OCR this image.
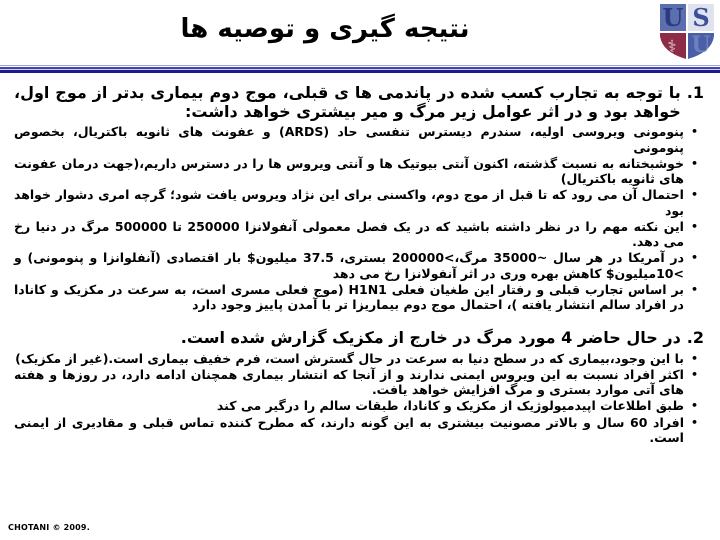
نتیجه گیری و توصیه ها	U S
U
⚕
1.
با توجه به تجارب کسب شده در پاندمی ها ی قبلی، موج دوم بیماری بدتر از موج اول، خواهد بود و در اثر عوامل زیر مرگ و میر بیشتری خواهد داشت:
•
پنومونی ویروسی اولیه، سندرم دیسترس تنفسی حاد (ARDS) و عفونت های ثانویه باکتریال، بخصوص پنومونی
•
خوشبختانه به نسبت گذشته، اکنون آنتی بیوتیک ها و آنتی ویروس ها را در دسترس داریم،(جهت درمان عفونت های ثانویه باکتریال)
•
احتمال آن می رود که تا قبل از موج دوم، واکسنی برای این نژاد ویروس یافت شود؛ گرچه امری دشوار خواهد بود
•
این نکته مهم را در نظر داشته باشید که در یک فصل معمولی آنفولانزا 250000 تا 500000 مرگ در دنیا رخ می دهد.
•
در آمریکا در هر سال ~35000 مرگ،>200000 بستری، 37.5 میلیون$ بار اقتصادی (آنفلوانزا و پنومونی) و >10میلیون$ کاهش بهره وری در اثر آنفولانزا رخ می دهد
•
بر اساس تجارب قبلی و رفتار این طغیان فعلی H1N1 (موج فعلی مسری است، به سرعت در مکزیک و کانادا در افراد سالم انتشار یافته )، احتمال موج دوم بیماریزا تر با آمدن پاییز وجود دارد
2.
در حال حاضر 4 مورد مرگ در خارج از مکزیک گزارش شده است.
•
با این وجود،بیماری که در سطح دنیا به سرعت در حال گسترش است، فرم خفیف بیماری است.(غیر از مکزیک)
•
اکثر افراد نسبت به این ویروس ایمنی ندارند و از آنجا که انتشار بیماری همچنان ادامه دارد، در روزها و هفته های آتی موارد بستری و مرگ افزایش خواهد یافت.
•
طبق اطلاعات اپیدمیولوژیک از مکزیک و کانادا، طبقات سالم را درگیر می کند
•
افراد 60 سال و بالاتر مصونیت بیشتری به این گونه دارند، که مطرح کننده تماس قبلی و مقادیری از ایمنی است.
CHOTANI © 2009.
